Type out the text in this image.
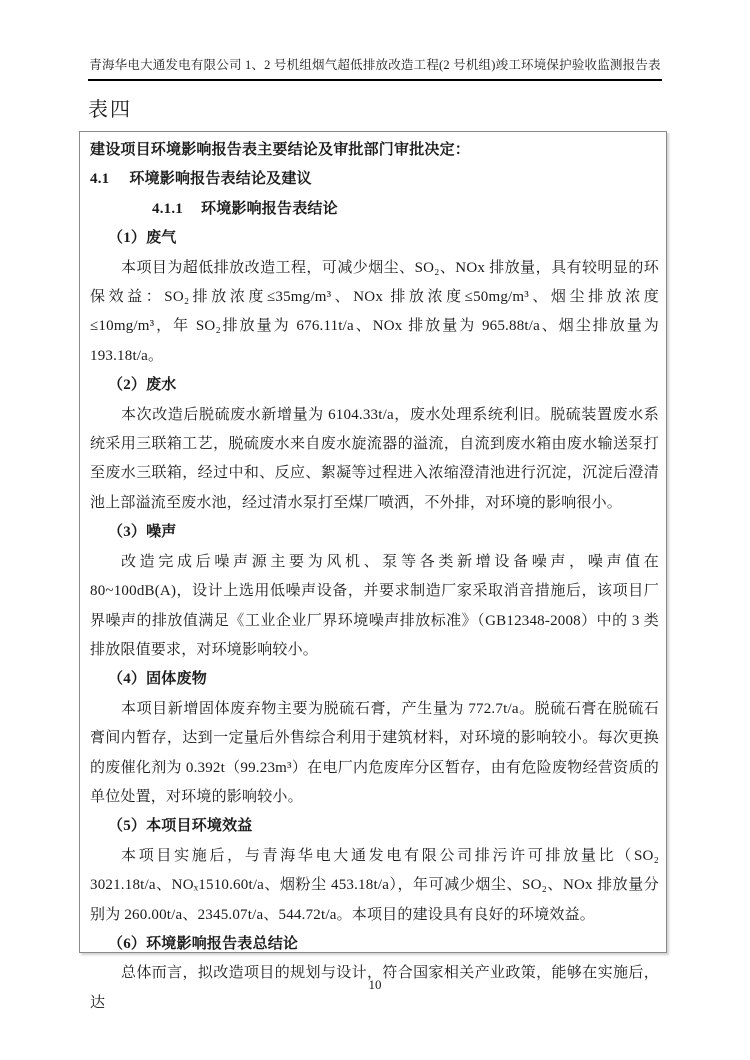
青海华电大通发电有限公司 1、2 号机组烟气超低排放改造工程(2 号机组)竣工环境保护验收监测报告表
表四

建设项目环境影响报告表主要结论及审批部门审批决定：

4.1 环境影响报告表结论及建议

4.1.1 环境影响报告表结论

（1）废气

本项目为超低排放改造工程，可减少烟尘、SO₂、NOx 排放量，具有较明显的环保效益：SO₂排放浓度≤35mg/m³、NOx 排放浓度≤50mg/m³、烟尘排放浓度≤10mg/m³，年 SO₂排放量为 676.11t/a、NOx 排放量为 965.88t/a、烟尘排放量为 193.18t/a。

（2）废水

本次改造后脱硫废水新增量为 6104.33t/a，废水处理系统利旧。脱硫装置废水系统采用三联箱工艺，脱硫废水来自废水旋流器的溢流，自流到废水箱由废水输送泵打至废水三联箱，经过中和、反应、絮凝等过程进入浓缩澄清池进行沉淀，沉淀后澄清池上部溢流至废水池，经过清水泵打至煤厂喷洒，不外排，对环境的影响很小。

（3）噪声

改造完成后噪声源主要为风机、泵等各类新增设备噪声，噪声值在 80~100dB(A)，设计上选用低噪声设备，并要求制造厂家采取消音措施后，该项目厂界噪声的排放值满足《工业企业厂界环境噪声排放标准》（GB12348-2008）中的 3 类排放限值要求，对环境影响较小。

（4）固体废物

本项目新增固体废弃物主要为脱硫石膏，产生量为 772.7t/a。脱硫石膏在脱硫石膏间内暂存，达到一定量后外售综合利用于建筑材料，对环境的影响较小。每次更换的废催化剂为 0.392t（99.23m³）在电厂内危废库分区暂存，由有危险废物经营资质的单位处置，对环境的影响较小。

（5）本项目环境效益

本项目实施后，与青海华电大通发电有限公司排污许可排放量比（SO₂ 3021.18t/a、NOₓ1510.60t/a、烟粉尘 453.18t/a），年可减少烟尘、SO₂、NOx 排放量分别为 260.00t/a、2345.07t/a、544.72t/a。本项目的建设具有良好的环境效益。

（6）环境影响报告表总结论

总体而言，拟改造项目的规划与设计，符合国家相关产业政策，能够在实施后，达

10
